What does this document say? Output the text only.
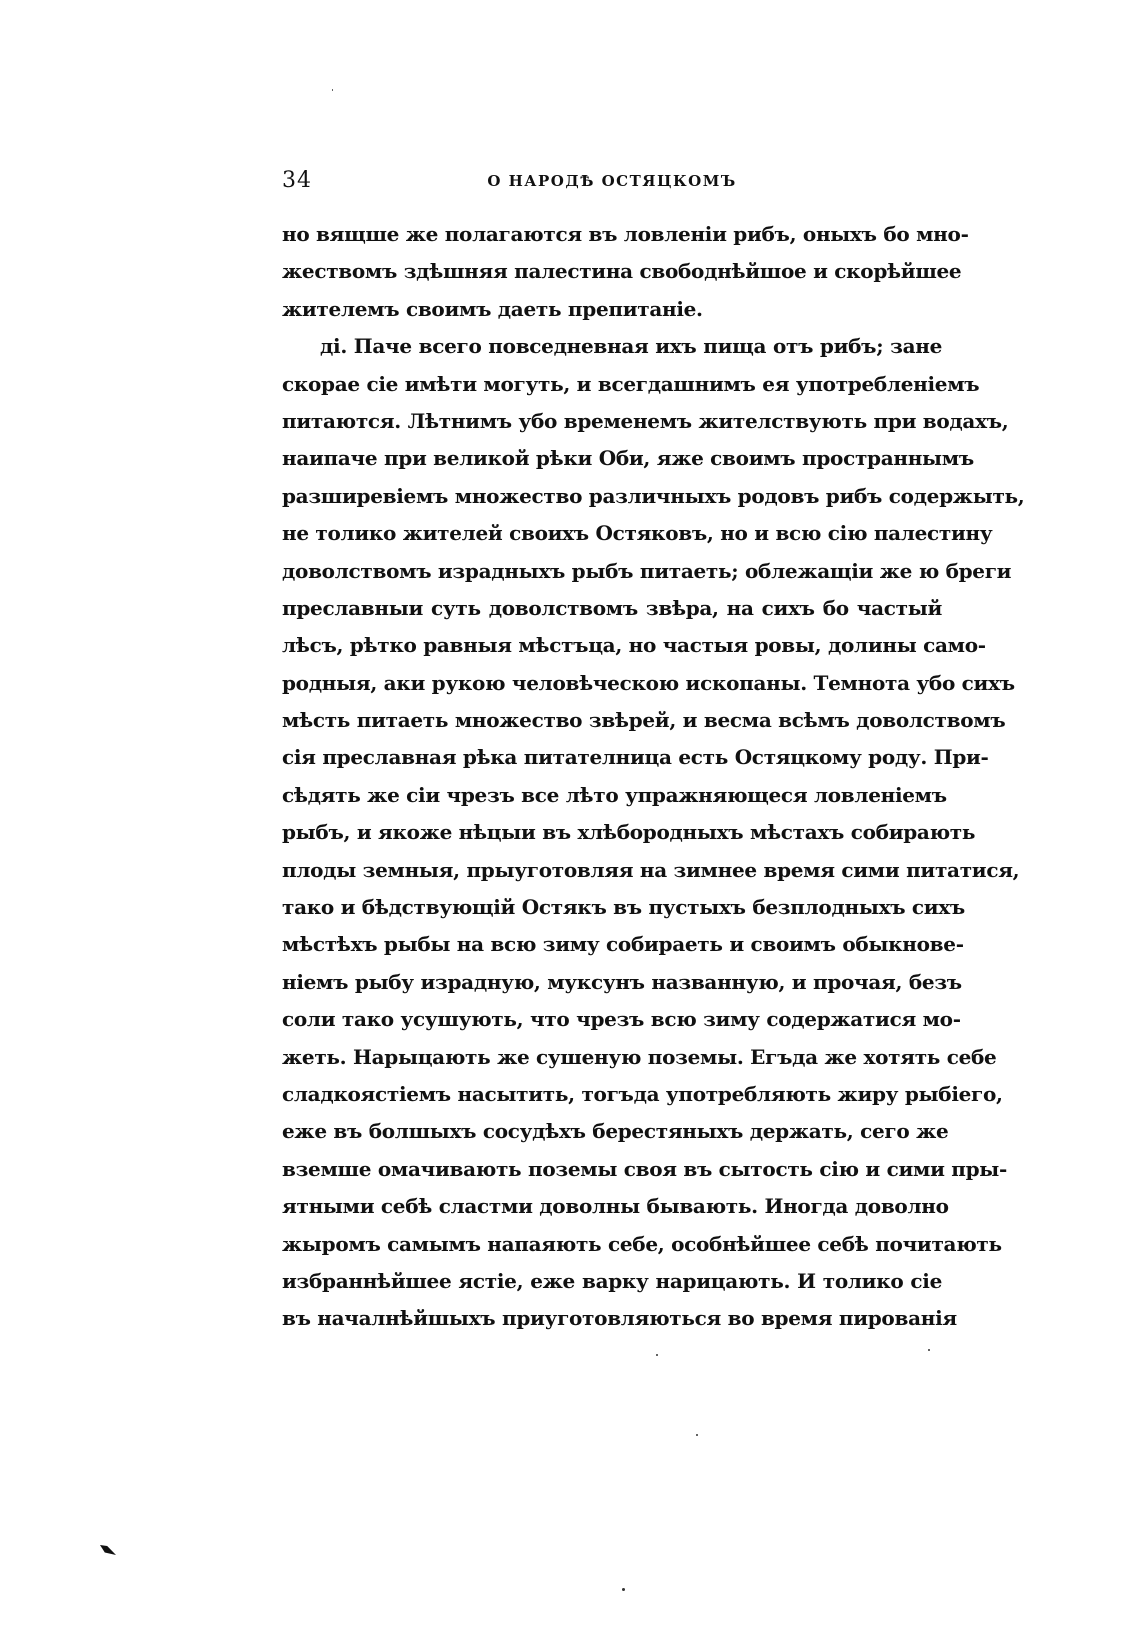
34	О НАРОДѢ ОСТЯЦКОМЪ
но вящше же полагаются въ ловленіи рибъ, оныхъ бо мно-
жествомъ здѣшняя палестина свободнѣйшое и скорѣйшее
жителемъ своимъ даеть препитаніе.
ді. Паче всего повседневная ихъ пища отъ рибъ; зане
скорае сіе имѣти могуть, и всегдашнимъ ея употребленіемъ
питаются. Лѣтнимъ убо временемъ жителствують при водахъ,
наипаче при великой рѣки Оби, яже своимъ пространнымъ
разширевіемъ множество различныхъ родовъ рибъ содержыть,
не толико жителей своихъ Остяковъ, но и всю сію палестину
доволствомъ израдныхъ рыбъ питаеть; облежащіи же ю бреги
преславныи суть доволствомъ звѣра, на сихъ бо частый
лѣсъ, рѣтко равныя мѣстъца, но частыя ровы, долины само-
родныя, аки рукою человѣческою ископаны. Темнота убо сихъ
мѣсть питаеть множество звѣрей, и весма всѣмъ доволствомъ
сія преславная рѣка питателница есть Остяцкому роду. При-
сѣдять же сіи чрезъ все лѣто упражняющеся ловленіемъ
рыбъ, и якоже нѣцыи въ хлѣбородныхъ мѣстахъ собирають
плоды земныя, прыуготовляя на зимнее время сими питатися,
тако и бѣдствующій Остякъ въ пустыхъ безплодныхъ сихъ
мѣстѣхъ рыбы на всю зиму собираеть и своимъ обыкнове-
ніемъ рыбу израдную, муксунъ названную, и прочая, безъ
соли тако усушують, что чрезъ всю зиму содержатися мо-
жеть. Нарыцають же сушеную поземы. Егъда же хотять себе
сладкоястіемъ насытить, тогъда употребляють жиру рыбіего,
еже въ болшыхъ сосудѣхъ берестяныхъ держать, сего же
вземше омачивають поземы своя въ сытость сію и сими пры-
ятными себѣ сластми доволны бывають. Иногда доволно
жыромъ самымъ напаяють себе, особнѣйшее себѣ почитають
избраннѣйшее ястіе, еже варку нарицають. И толико сіе
въ началнѣйшыхъ приуготовляються во время пированія
